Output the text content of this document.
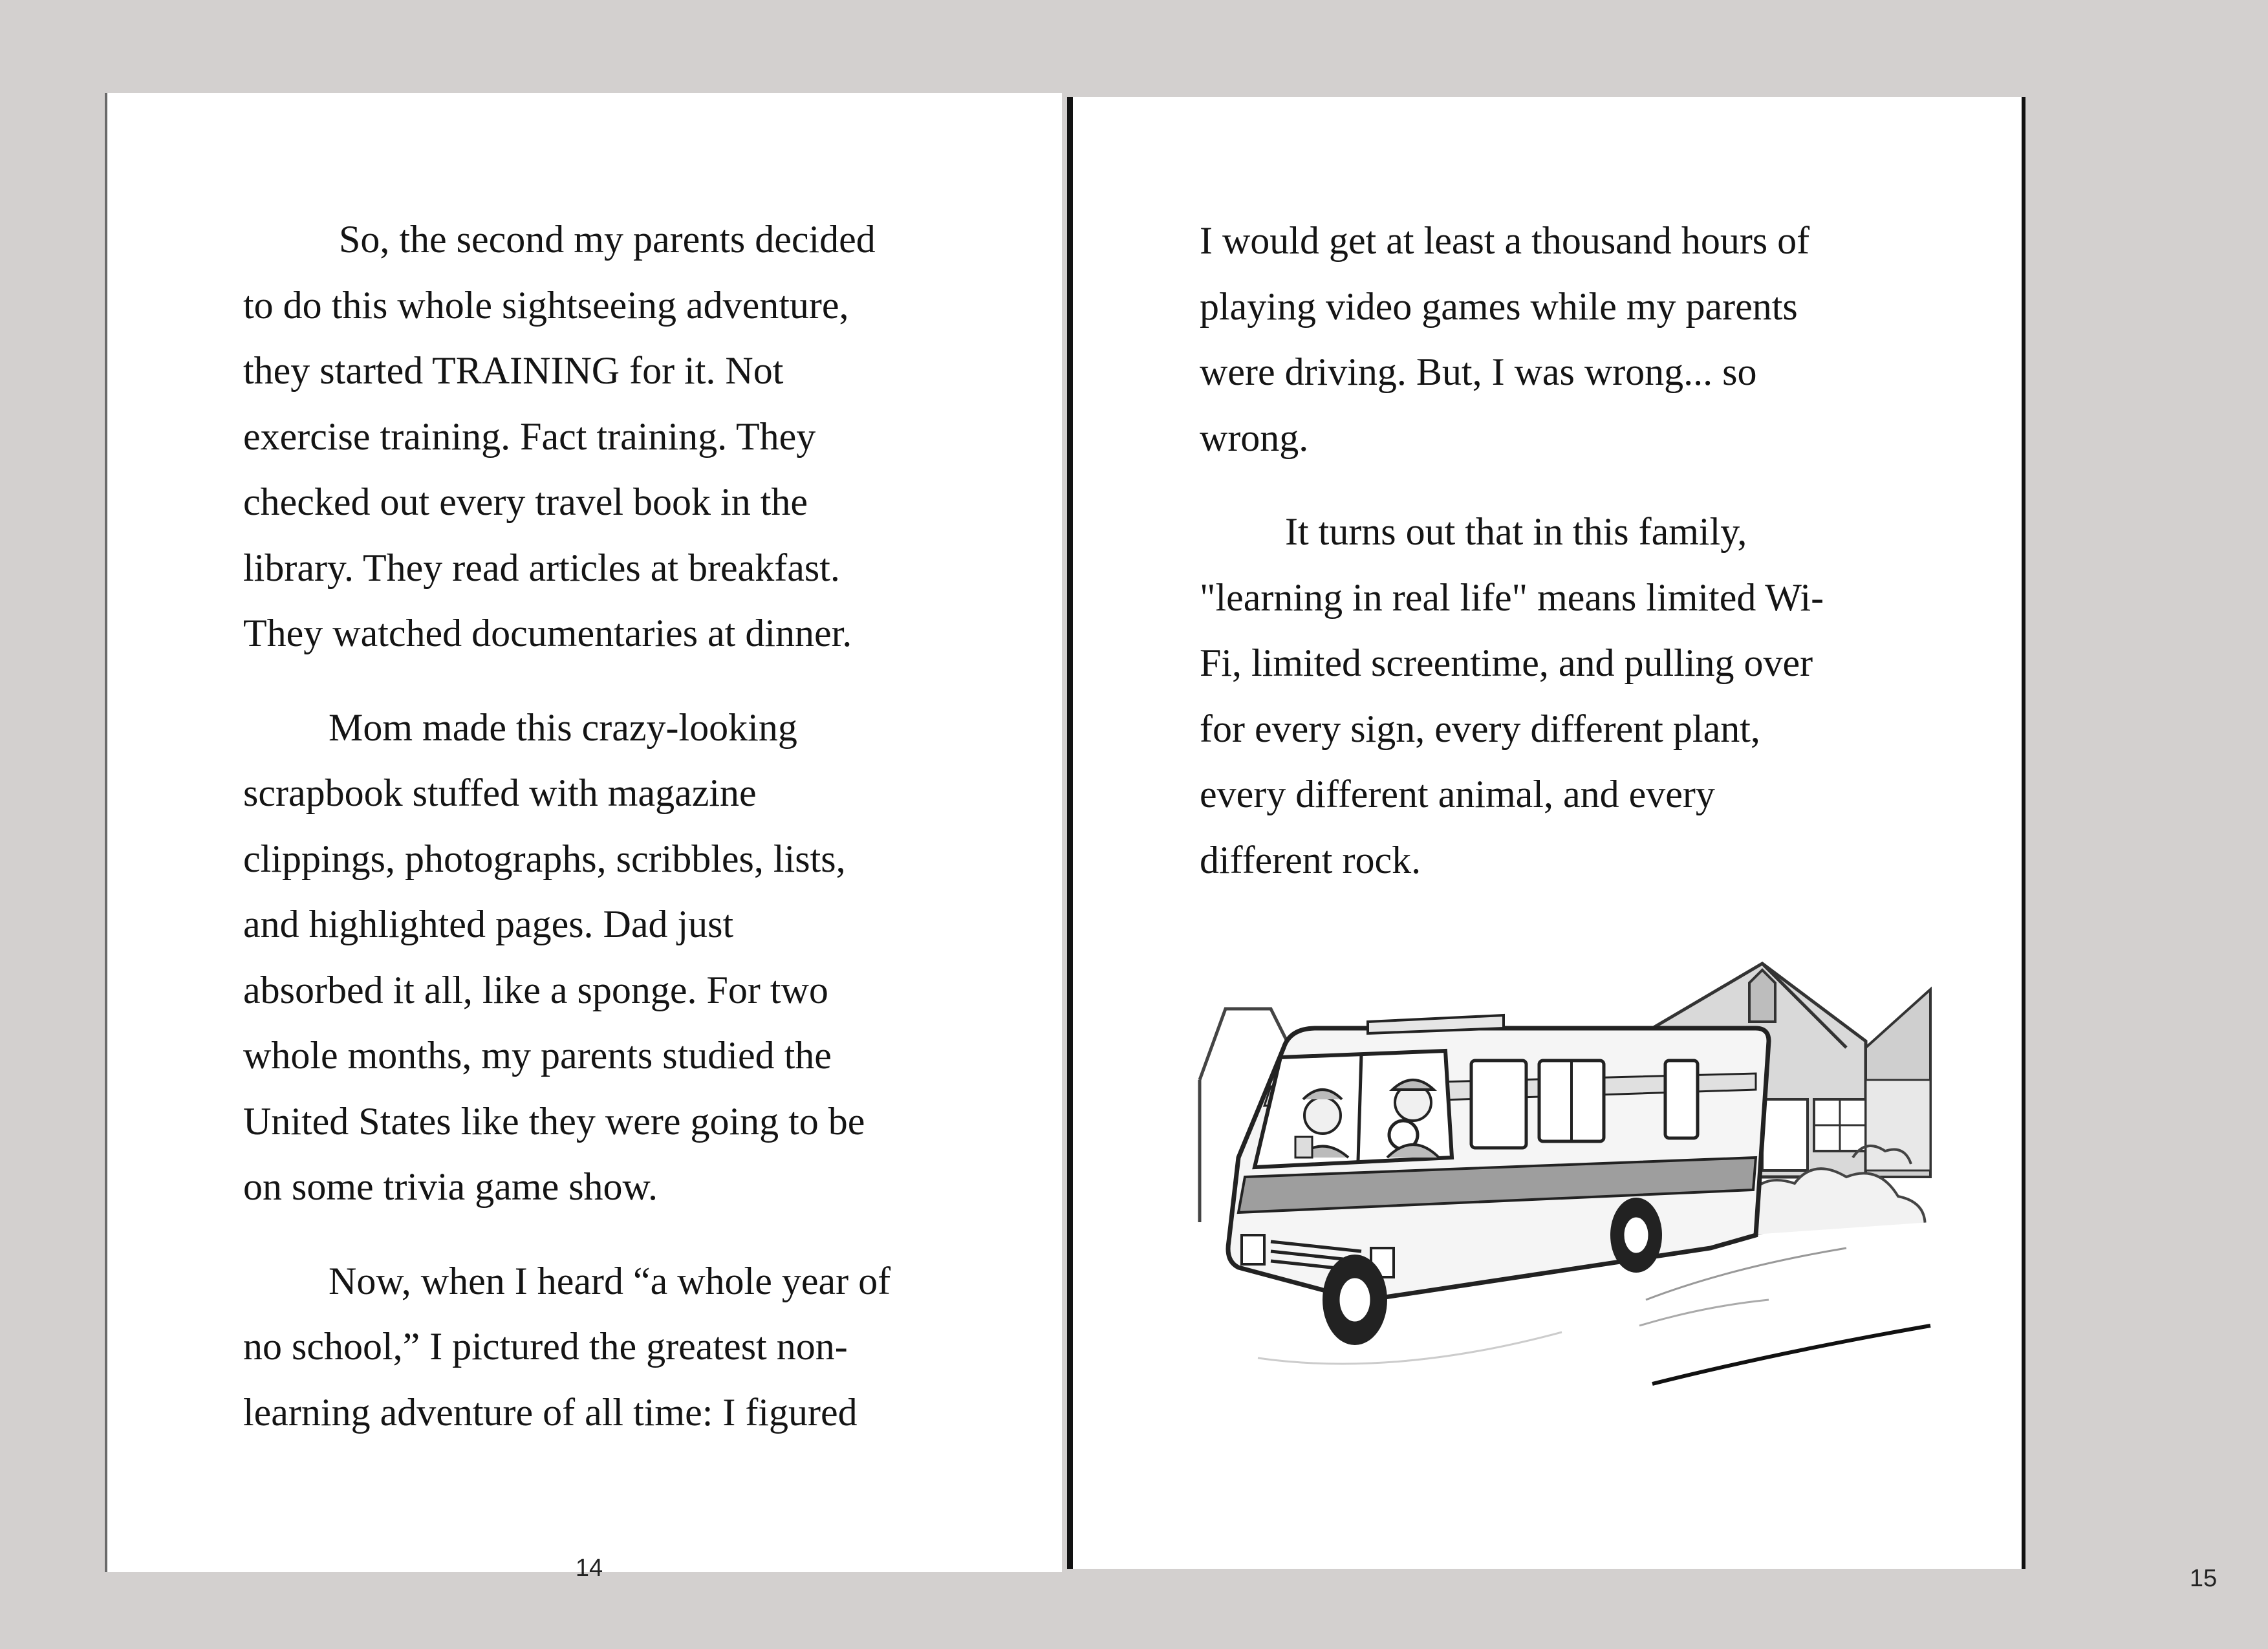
So, the second my parents decided
to do this whole sightseeing adventure,
they started TRAINING for it. Not
exercise training. Fact training. They
checked out every travel book in the
library. They read articles at breakfast.
They watched documentaries at dinner.

Mom made this crazy-looking
scrapbook stuffed with magazine
clippings, photographs, scribbles, lists,
and highlighted pages. Dad just
absorbed it all, like a sponge. For two
whole months, my parents studied the
United States like they were going to be
on some trivia game show.

Now, when I heard “a whole year of
no school,” I pictured the greatest non-
learning adventure of all time: I figured

14

I would get at least a thousand hours of
playing video games while my parents
were driving. But, I was wrong... so
wrong.

It turns out that in this family,
"learning in real life" means limited Wi-
Fi, limited screentime, and pulling over
for every sign, every different plant,
every different animal, and every
different rock.

15
